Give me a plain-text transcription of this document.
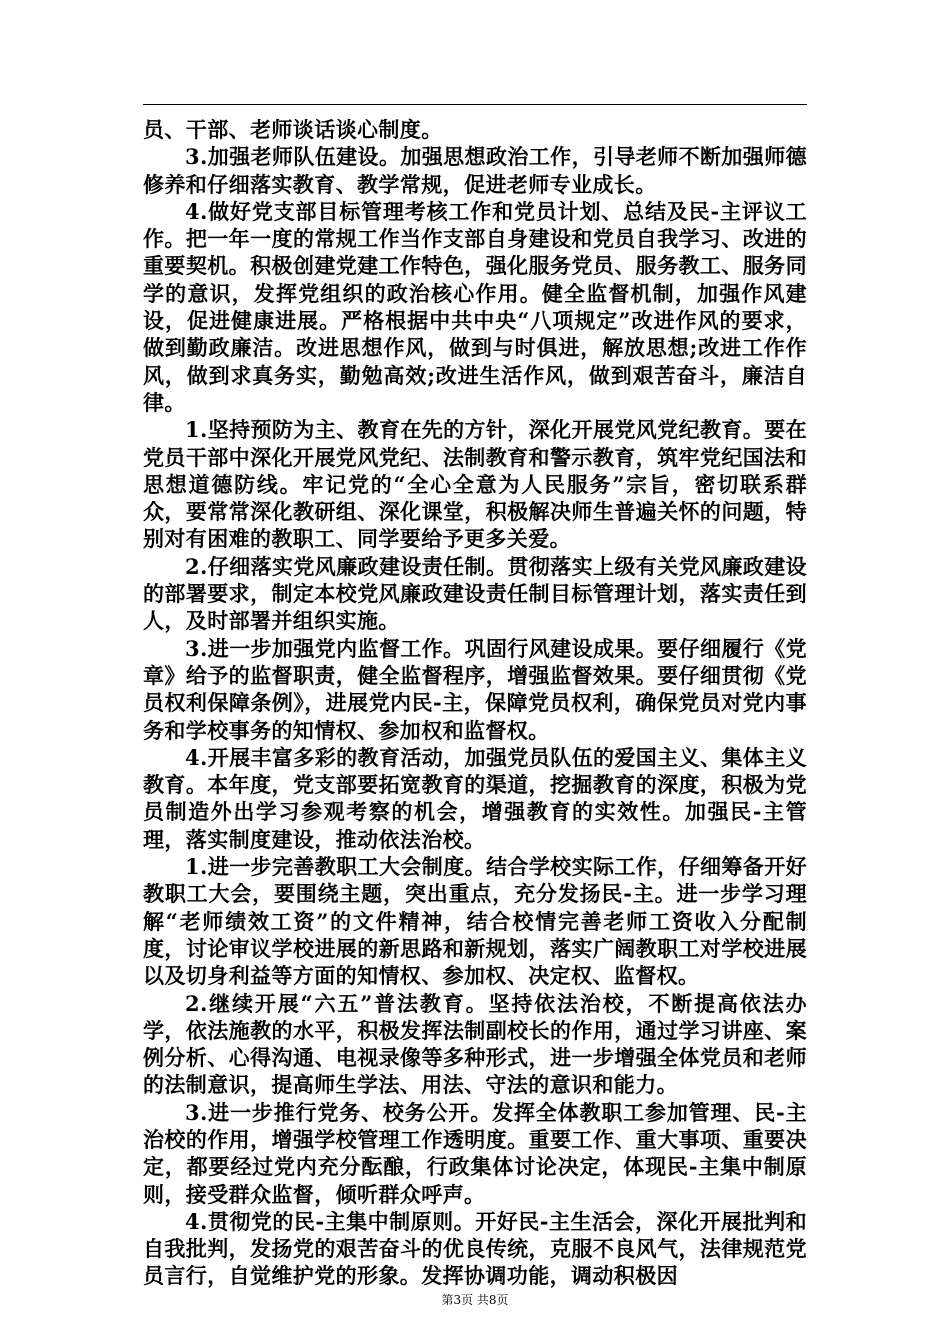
员、干部、老师谈话谈心制度。

3.加强老师队伍建设。加强思想政治工作，引导老师不断加强师德修养和仔细落实教育、教学常规，促进老师专业成长。

4.做好党支部目标管理考核工作和党员计划、总结及民-主评议工作。把一年一度的常规工作当作支部自身建设和党员自我学习、改进的重要契机。积极创建党建工作特色，强化服务党员、服务教工、服务同学的意识，发挥党组织的政治核心作用。健全监督机制，加强作风建设，促进健康进展。严格根据中共中央“八项规定”改进作风的要求，做到勤政廉洁。改进思想作风，做到与时俱进，解放思想;改进工作作风，做到求真务实，勤勉高效;改进生活作风，做到艰苦奋斗，廉洁自律。

1.坚持预防为主、教育在先的方针，深化开展党风党纪教育。要在党员干部中深化开展党风党纪、法制教育和警示教育，筑牢党纪国法和思想道德防线。牢记党的“全心全意为人民服务”宗旨，密切联系群众，要常常深化教研组、深化课堂，积极解决师生普遍关怀的问题，特别对有困难的教职工、同学要给予更多关爱。

2.仔细落实党风廉政建设责任制。贯彻落实上级有关党风廉政建设的部署要求，制定本校党风廉政建设责任制目标管理计划，落实责任到人，及时部署并组织实施。

3.进一步加强党内监督工作。巩固行风建设成果。要仔细履行《党章》给予的监督职责，健全监督程序，增强监督效果。要仔细贯彻《党员权利保障条例》，进展党内民-主，保障党员权利，确保党员对党内事务和学校事务的知情权、参加权和监督权。

4.开展丰富多彩的教育活动，加强党员队伍的爱国主义、集体主义教育。本年度，党支部要拓宽教育的渠道，挖掘教育的深度，积极为党员制造外出学习参观考察的机会，增强教育的实效性。加强民-主管理，落实制度建设，推动依法治校。

1.进一步完善教职工大会制度。结合学校实际工作，仔细筹备开好教职工大会，要围绕主题，突出重点，充分发扬民-主。进一步学习理解“老师绩效工资”的文件精神，结合校情完善老师工资收入分配制度，讨论审议学校进展的新思路和新规划，落实广阔教职工对学校进展以及切身利益等方面的知情权、参加权、决定权、监督权。

2.继续开展“六五”普法教育。坚持依法治校，不断提高依法办学，依法施教的水平，积极发挥法制副校长的作用，通过学习讲座、案例分析、心得沟通、电视录像等多种形式，进一步增强全体党员和老师的法制意识，提高师生学法、用法、守法的意识和能力。

3.进一步推行党务、校务公开。发挥全体教职工参加管理、民-主治校的作用，增强学校管理工作透明度。重要工作、重大事项、重要决定，都要经过党内充分酝酿，行政集体讨论决定，体现民-主集中制原则，接受群众监督，倾听群众呼声。

4.贯彻党的民-主集中制原则。开好民-主生活会，深化开展批判和自我批判，发扬党的艰苦奋斗的优良传统，克服不良风气，法律规范党员言行，自觉维护党的形象。发挥协调功能，调动积极因

第3页 共8页
